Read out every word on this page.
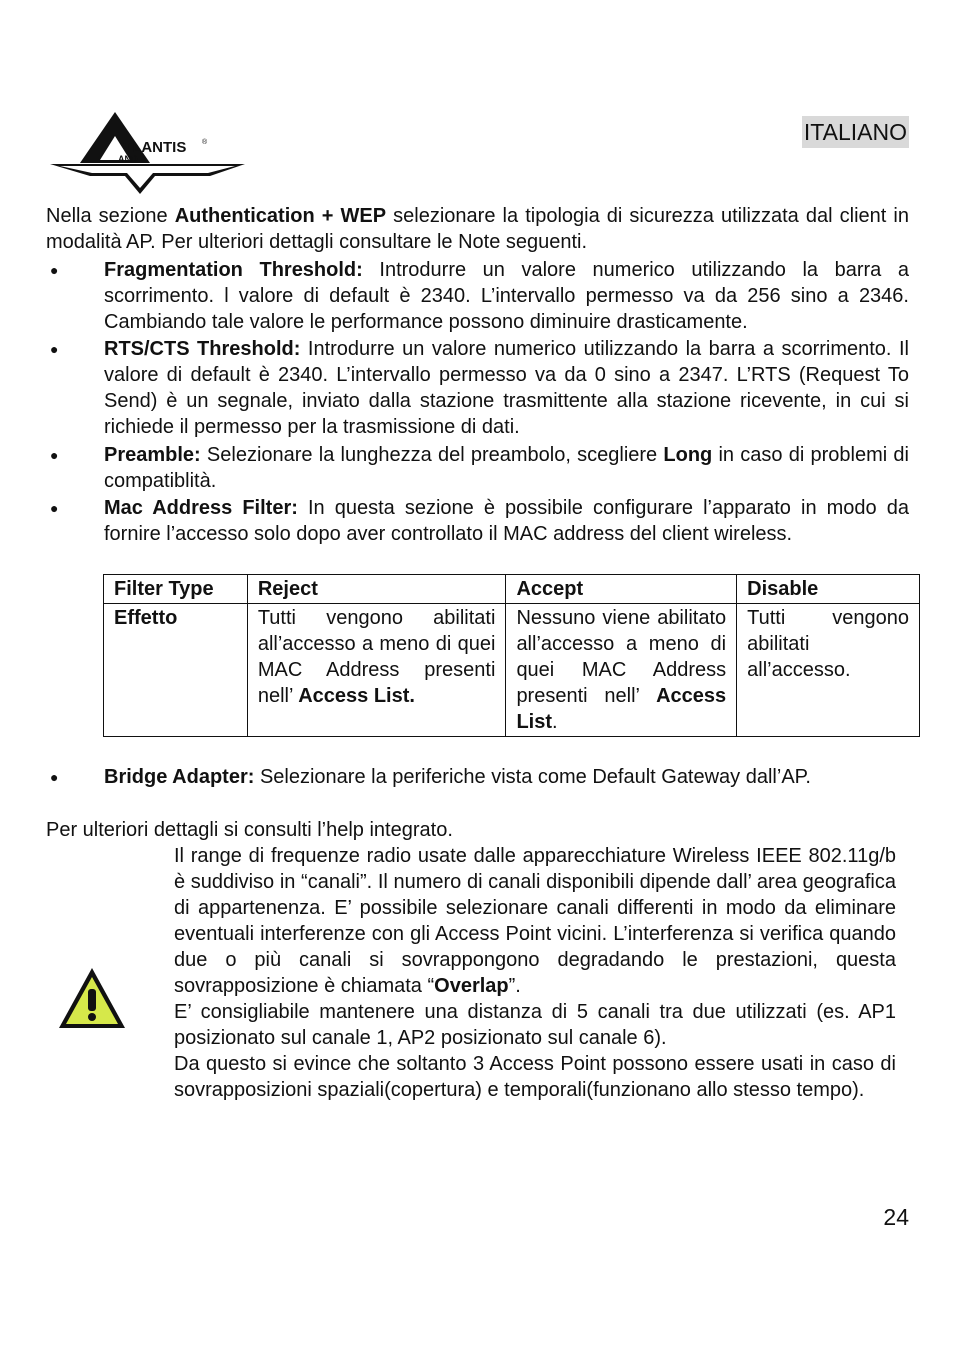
TLANTIS ®
AND
ITALIANO
Nella sezione Authentication + WEP selezionare la tipologia di sicurezza utilizzata dal client in modalità AP. Per ulteriori dettagli consultare le Note seguenti.
● Fragmentation Threshold: Introdurre un valore numerico utilizzando la barra a scorrimento. l valore di default è 2340. L’intervallo permesso va da 256 sino a 2346. Cambiando tale valore le performance possono diminuire drasticamente.
● RTS/CTS Threshold: Introdurre un valore numerico utilizzando la barra a scorrimento. Il valore di default è 2340. L’intervallo permesso va da 0 sino a 2347. L’RTS (Request To Send) è un segnale, inviato dalla stazione trasmittente alla stazione ricevente, in cui si richiede il permesso per la trasmissione di dati.
● Preamble: Selezionare la lunghezza del preambolo, scegliere Long in caso di problemi di compatiblità.
● Mac Address Filter: In questa sezione è possibile configurare l’apparato in modo da fornire l’accesso solo dopo aver controllato il MAC address del client wireless.
Filter Type	Reject	Accept	Disable
Effetto	Tutti vengono abilitati all’accesso a meno di quei MAC Address presenti nell’ Access List.	Nessuno viene abilitato all’accesso a meno di quei MAC Address presenti nell’ Access List.	Tutti vengono abilitati all’accesso.
● Bridge Adapter: Selezionare la periferiche vista come Default Gateway dall’AP.
Per ulteriori dettagli si consulti l’help integrato.
Il range di frequenze radio usate dalle apparecchiature Wireless IEEE 802.11g/b è suddiviso in “canali”. Il numero di canali disponibili dipende dall’ area geografica di appartenenza. E’ possibile selezionare canali differenti in modo da eliminare eventuali interferenze con gli Access Point vicini. L’interferenza si verifica quando due o più canali si sovrappongono degradando le prestazioni, questa sovrapposizione è chiamata “Overlap”.
E’ consigliabile mantenere una distanza di 5 canali tra due utilizzati (es. AP1 posizionato sul canale 1, AP2 posizionato sul canale 6).
Da questo si evince che soltanto 3 Access Point possono essere usati in caso di sovrapposizioni spaziali(copertura) e temporali(funzionano allo stesso tempo).
24
